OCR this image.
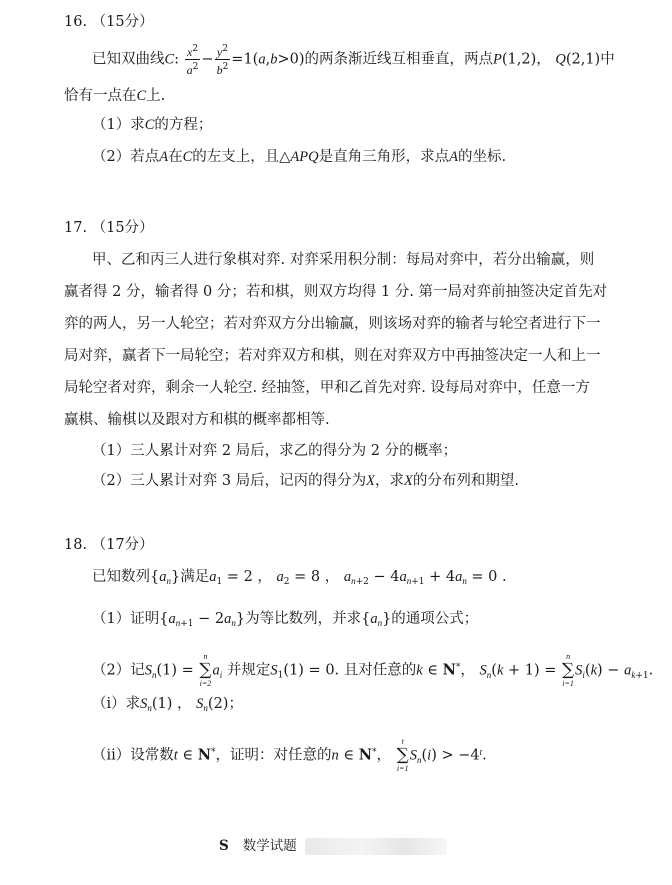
16. （15分）
已知双曲线C: $\frac{x^2}{a^2} - \frac{y^2}{b^2} =1(a,b>0)$的两条渐近线互相垂直，两点P(1,2)， Q(2,1)中
恰有一点在C上.
（1）求C的方程；
（2）若点A在C的左支上，且△APQ是直角三角形，求点A的坐标.
17. （15分）
甲、乙和丙三人进行象棋对弈. 对弈采用积分制：每局对弈中，若分出输赢，则
赢者得 2 分，输者得 0 分；若和棋，则双方均得 1 分. 第一局对弈前抽签决定首先对
弈的两人，另一人轮空；若对弈双方分出输赢，则该场对弈的输者与轮空者进行下一
局对弈，赢者下一局轮空；若对弈双方和棋，则在对弈双方中再抽签决定一人和上一
局轮空者对弈，剩余一人轮空. 经抽签，甲和乙首先对弈. 设每局对弈中，任意一方
赢棋、输棋以及跟对方和棋的概率都相等.
（1）三人累计对弈 2 局后，求乙的得分为 2 分的概率；
（2）三人累计对弈 3 局后，记丙的得分为X，求X的分布列和期望.
18. （17分）
已知数列$\{a_n\}$满足$a_1 = 2$ ， $a_2 = 8$ ， $a_{n+2} - 4a_{n+1} + 4a_n = 0$ .
（1）证明$\{a_{n+1} - 2a_n\}$为等比数列，并求$\{a_n\}$的通项公式；
（2）记$S_n(1)$ =
n
∑
i=2
$a_i$ 并规定$S_1(1) = 0$. 且对任意的k ∈ N*， $S_n(k + 1)$ =
n
∑
i=1
$S_i(k) - a_{k+1}$.
（i）求$S_n(1)$ ， $S_n(2)$；
（ii）设常数t ∈ N*，证明：对任意的n ∈ N*，
t
∑
i=1
$S_n(i) > -4^t$.
S 数学试题
